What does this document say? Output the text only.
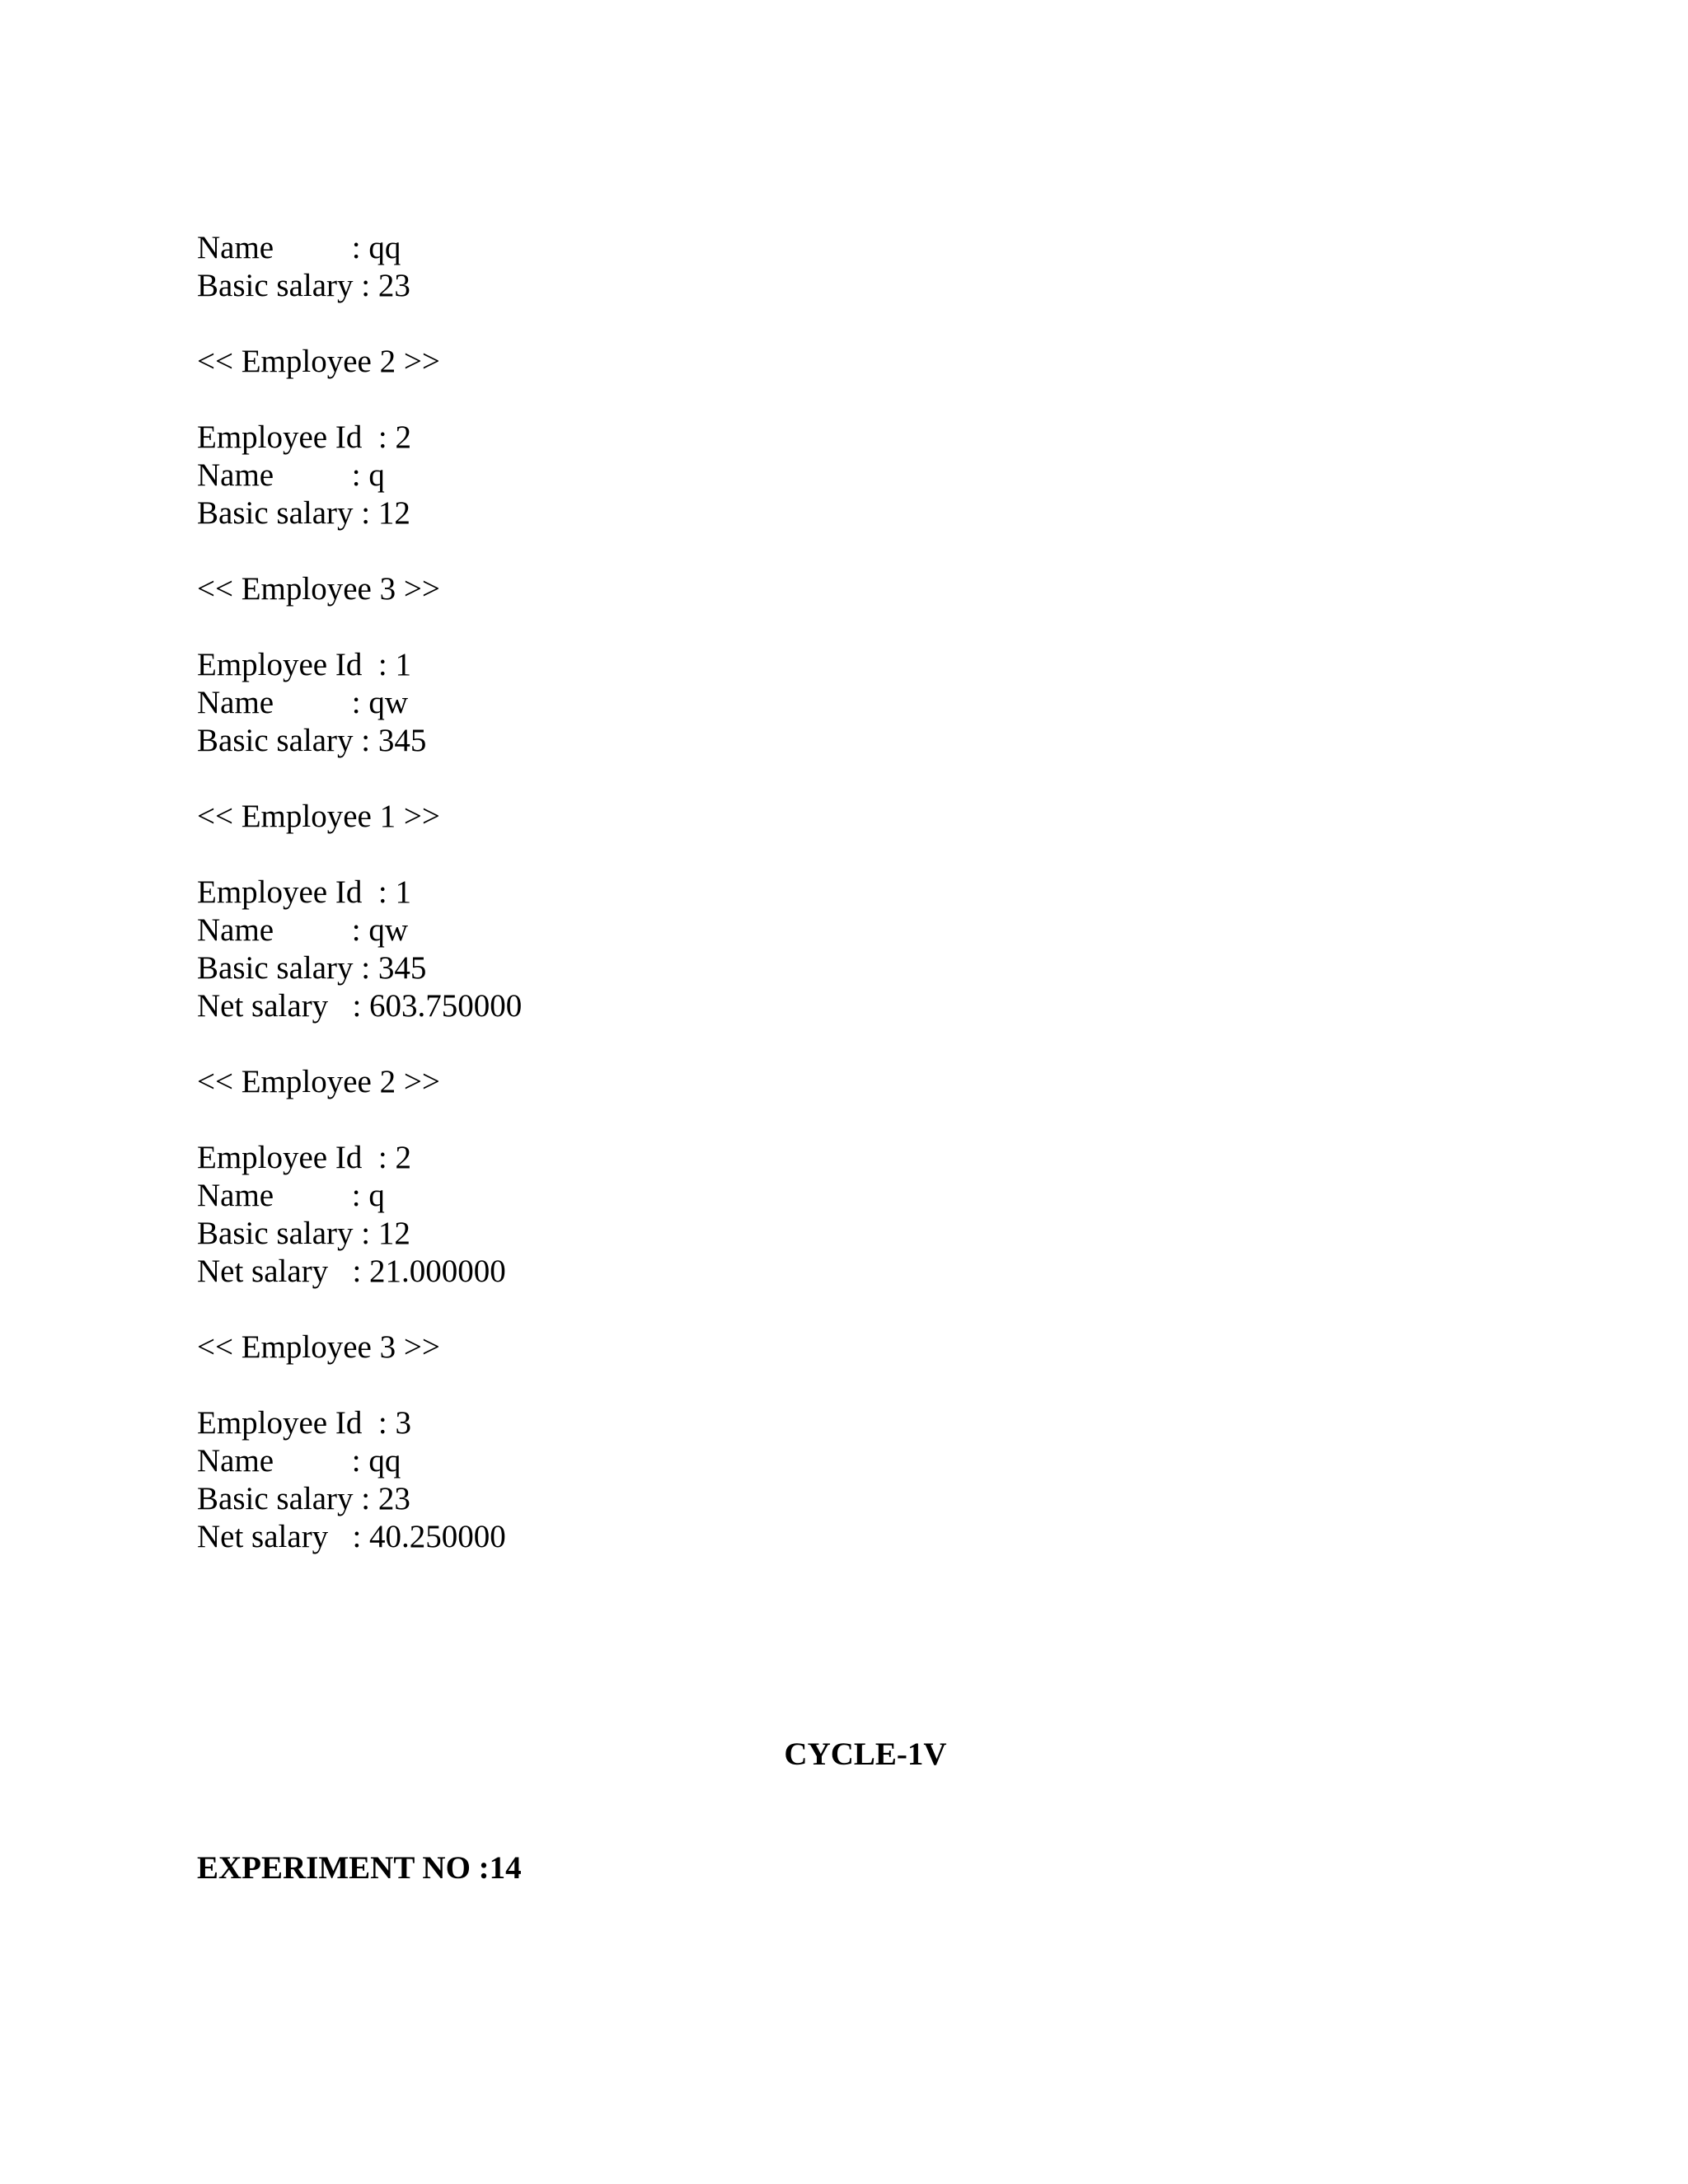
Name	: qq
Basic salary : 23
<< Employee 2 >>
Employee Id : 2
Name	: q
Basic salary : 12
<< Employee 3 >>
Employee Id : 1
Name	: qw
Basic salary : 345
<< Employee 1 >>
Employee Id : 1
Name	: qw
Basic salary : 345
Net salary : 603.750000
<< Employee 2 >>
Employee Id : 2
Name	: q
Basic salary : 12
Net salary : 21.000000
<< Employee 3 >>
Employee Id : 3
Name	: qq
Basic salary : 23
Net salary : 40.250000
CYCLE-1V
EXPERIMENT NO :14
